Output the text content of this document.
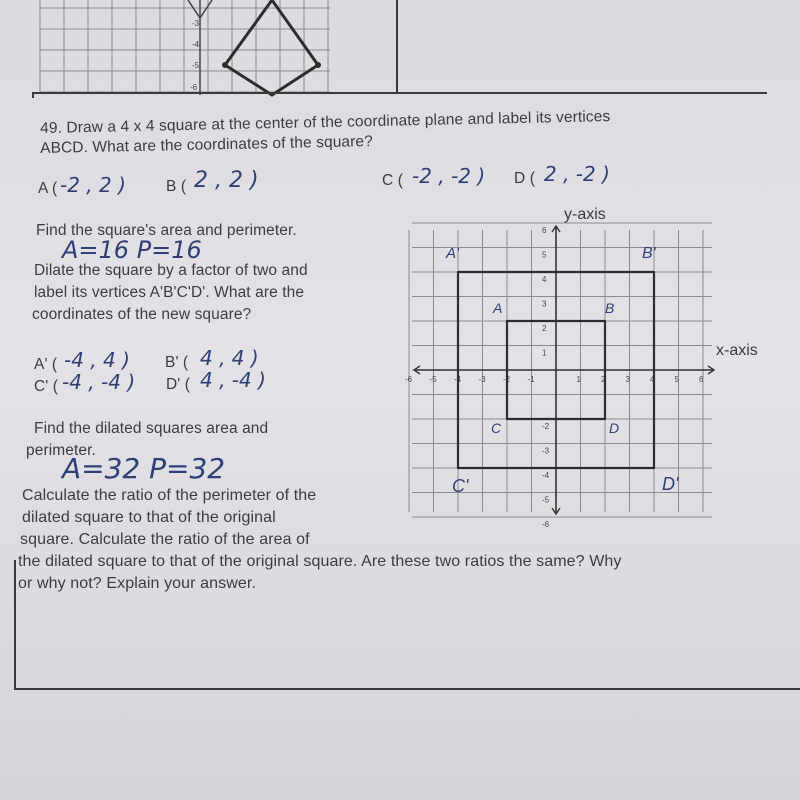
-3
-4
-5
-6
49. Draw a 4 x 4 square at the center of the coordinate plane and label its vertices
ABCD. What are the coordinates of the square?
A ( -2 , 2 )	B ( 2 , 2 )	C ( -2 , -2 ) D ( 2 , -2 )
Find the square's area and perimeter.
A=16 P=16
Dilate the square by a factor of two and
label its vertices A'B'C'D'. What are the
coordinates of the new square?
A' ( -4 , 4 ) B' ( 4 , 4 )
C' ( -4 , -4 ) D' ( 4 , -4 )
Find the dilated squares area and
perimeter.
A=32 P=32
Calculate the ratio of the perimeter of the
dilated square to that of the original
square. Calculate the ratio of the area of
the dilated square to that of the original square. Are these two ratios the same? Why
or why not? Explain your answer.
y-axis
x-axis
-6 -5 -4 -3 -2 -1	1	2	3	4	5	6
6
5
4
3
2
1
-2
-3
-4
-5
-6
A	B
C	D
A'	B'
C'	D'
